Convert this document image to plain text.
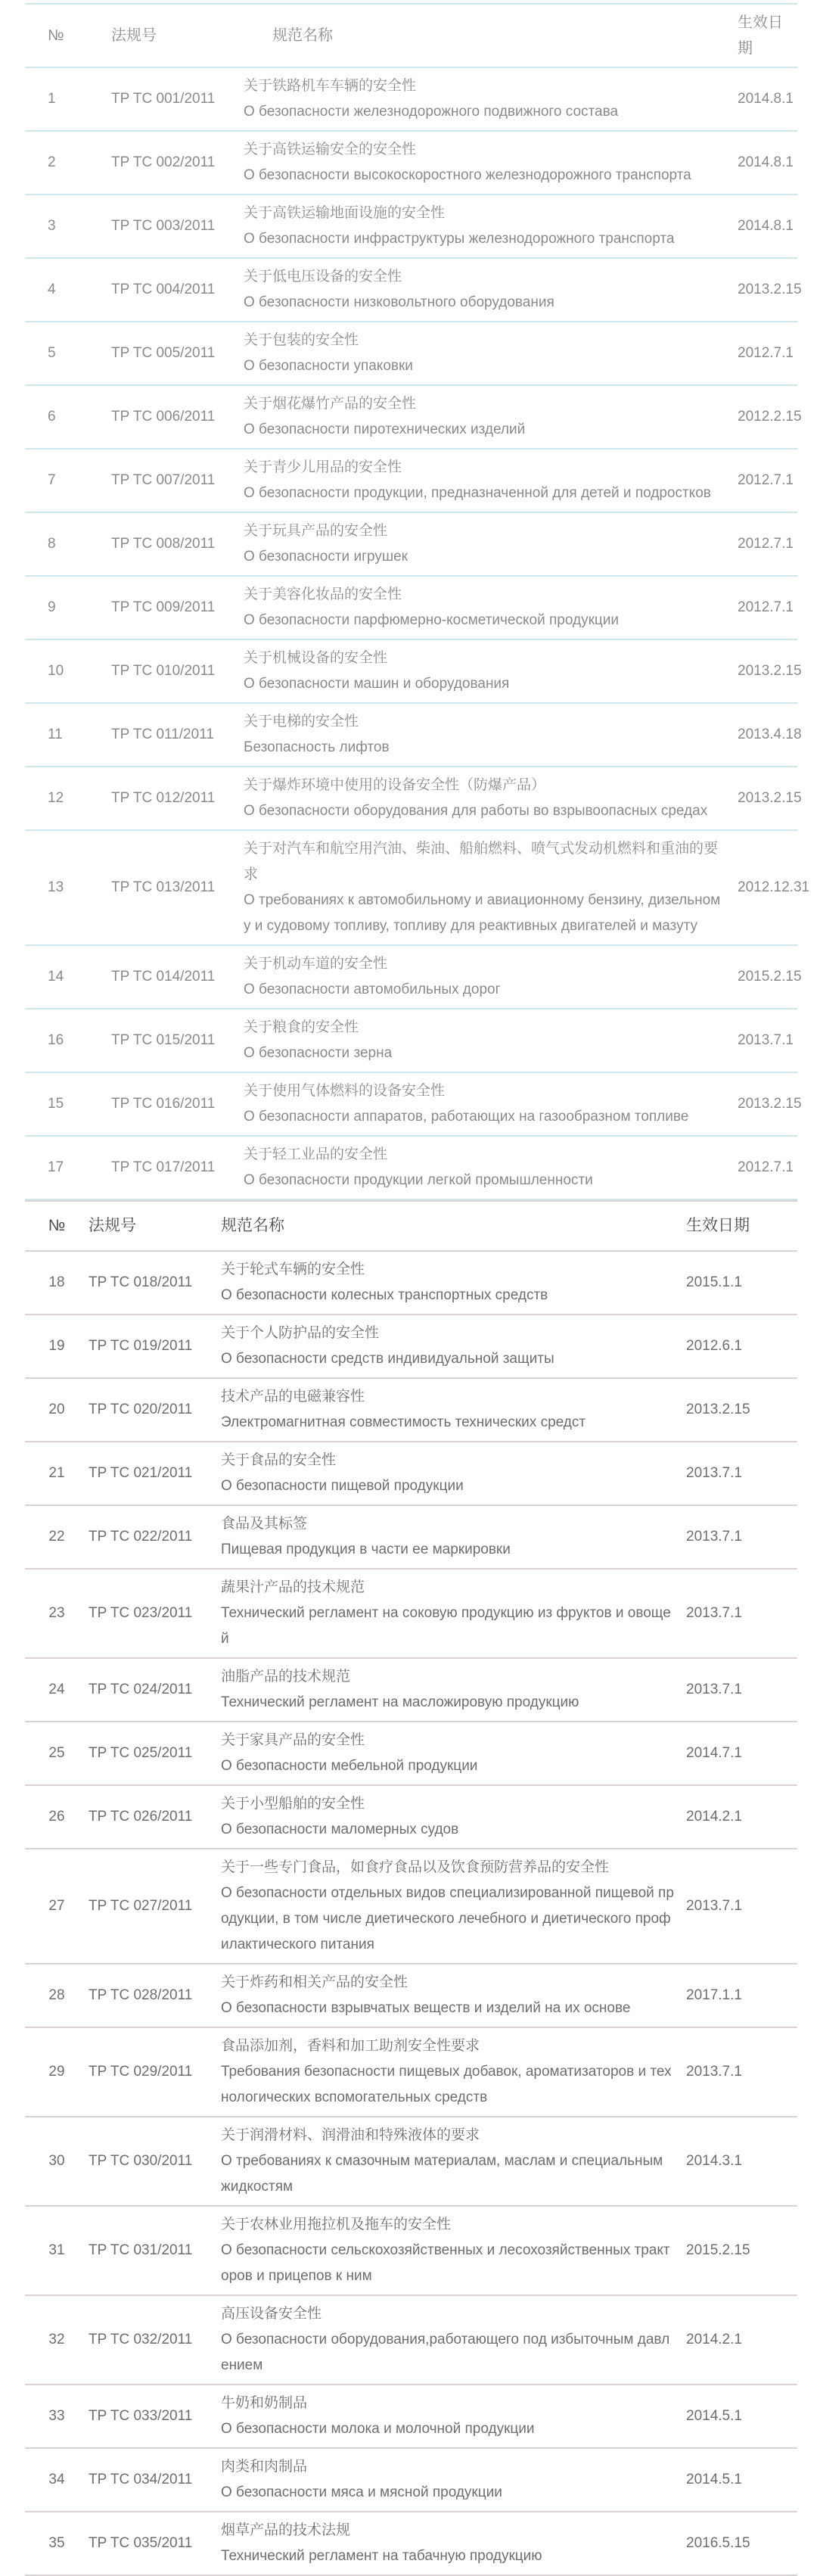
№	法规号	规范名称	生效日期
1	TP TC 001/2011	关于铁路机车车辆的安全性
О безопасности железнодорожного подвижного состава	2014.8.1
2	TP TC 002/2011	关于高铁运输安全的安全性
О безопасности высокоскоростного железнодорожного транспорта	2014.8.1
3	TP TC 003/2011	关于高铁运输地面设施的安全性
О безопасности инфраструктуры железнодорожного транспорта	2014.8.1
4	TP TC 004/2011	关于低电压设备的安全性
О безопасности низковольтного оборудования	2013.2.15
5	TP TC 005/2011	关于包装的安全性
О безопасности упаковки	2012.7.1
6	TP TC 006/2011	关于烟花爆竹产品的安全性
О безопасности пиротехнических изделий	2012.2.15
7	TP TC 007/2011	关于青少儿用品的安全性
О безопасности продукции, предназначенной для детей и подростков	2012.7.1
8	TP TC 008/2011	关于玩具产品的安全性
О безопасности игрушек	2012.7.1
9	TP TC 009/2011	关于美容化妆品的安全性
О безопасности парфюмерно-косметической продукции	2012.7.1
10	TP TC 010/2011	关于机械设备的安全性
О безопасности машин и оборудования	2013.2.15
11	TP TC 011/2011	关于电梯的安全性
Безопасность лифтов	2013.4.18
12	TP TC 012/2011	关于爆炸环境中使用的设备安全性（防爆产品）
О безопасности оборудования для работы во взрывоопасных средах	2013.2.15
13	TP TC 013/2011	关于对汽车和航空用汽油、柴油、船舶燃料、喷气式发动机燃料和重油的要求
О требованиях к автомобильному и авиационному бензину, дизельному и судовому топливу, топливу для реактивных двигателей и мазуту	2012.12.31
14	TP TC 014/2011	关于机动车道的安全性
О безопасности автомобильных дорог	2015.2.15
16	TP TC 015/2011	关于粮食的安全性
О безопасности зерна	2013.7.1
15	TP TC 016/2011	关于使用气体燃料的设备安全性
О безопасности аппаратов, работающих на газообразном топливе	2013.2.15
17	TP TC 017/2011	关于轻工业品的安全性
О безопасности продукции легкой промышленности	2012.7.1
№	法规号	规范名称	生效日期
18	TP TC 018/2011	关于轮式车辆的安全性
О безопасности колесных транспортных средств	2015.1.1
19	TP TC 019/2011	关于个人防护品的安全性
О безопасности средств индивидуальной защиты	2012.6.1
20	TP TC 020/2011	技术产品的电磁兼容性
Электромагнитная совместимость технических средст	2013.2.15
21	TP TC 021/2011	关于食品的安全性
О безопасности пищевой продукции	2013.7.1
22	TP TC 022/2011	食品及其标签
Пищевая продукция в части ее маркировки	2013.7.1
23	TP TC 023/2011	蔬果汁产品的技术规范
Технический регламент на соковую продукцию из фруктов и овощей	2013.7.1
24	TP TC 024/2011	油脂产品的技术规范
Технический регламент на масложировую продукцию	2013.7.1
25	TP TC 025/2011	关于家具产品的安全性
О безопасности мебельной продукции	2014.7.1
26	TP TC 026/2011	关于小型船舶的安全性
О безопасности маломерных судов	2014.2.1
27	TP TC 027/2011	关于一些专门食品，如食疗食品以及饮食预防营养品的安全性
О безопасности отдельных видов специализированной пищевой продукции, в том числе диетического лечебного и диетического профилактического питания	2013.7.1
28	TP TC 028/2011	关于炸药和相关产品的安全性
О безопасности взрывчатых веществ и изделий на их основе	2017.1.1
29	TP TC 029/2011	食品添加剂，香料和加工助剂安全性要求
Требования безопасности пищевых добавок, ароматизаторов и технологических вспомогательных средств	2013.7.1
30	TP TC 030/2011	关于润滑材料、润滑油和特殊液体的要求
О требованиях к смазочным материалам, маслам и специальным жидкостям	2014.3.1
31	TP TC 031/2011	关于农林业用拖拉机及拖车的安全性
О безопасности сельскохозяйственных и лесохозяйственных тракторов и прицепов к ним	2015.2.15
32	TP TC 032/2011	高压设备安全性
О безопасности оборудования,работающего под избыточным давлением	2014.2.1
33	TP TC 033/2011	牛奶和奶制品
О безопасности молока и молочной продукции	2014.5.1
34	TP TC 034/2011	肉类和肉制品
О безопасности мяса и мясной продукции	2014.5.1
35	TP TC 035/2011	烟草产品的技术法规
Технический регламент на табачную продукцию	2016.5.15
